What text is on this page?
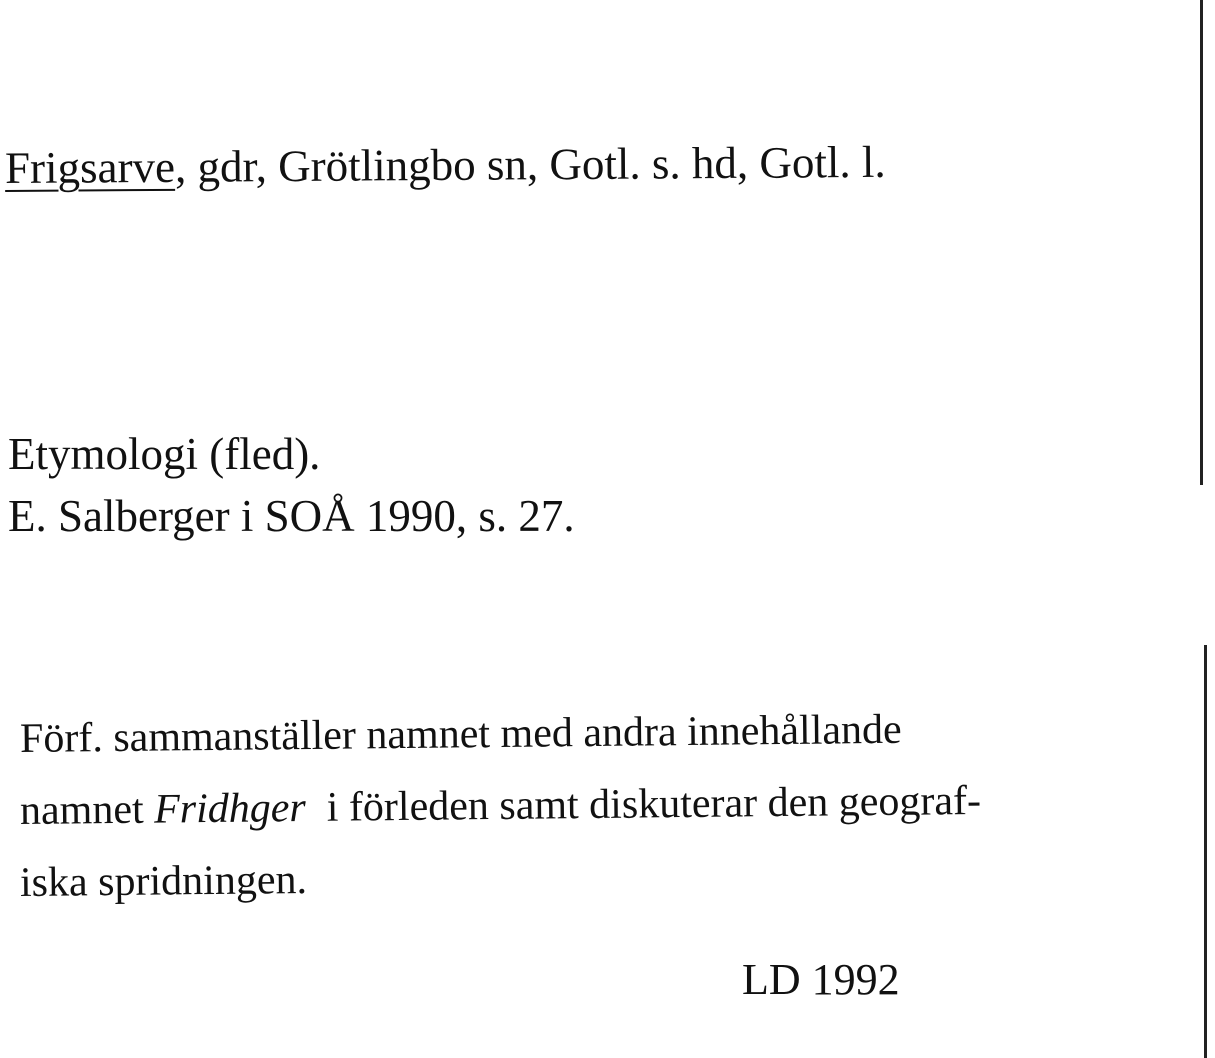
Frigsarve, gdr, Grötlingbo sn, Gotl. s. hd, Gotl. l.
Etymologi (fled).
E. Salberger i SOÅ 1990, s. 27.
Förf. sammanställer namnet med andra innehållande
namnet Fridhger  i förleden samt diskuterar den geograf-
iska spridningen.
LD 1992
